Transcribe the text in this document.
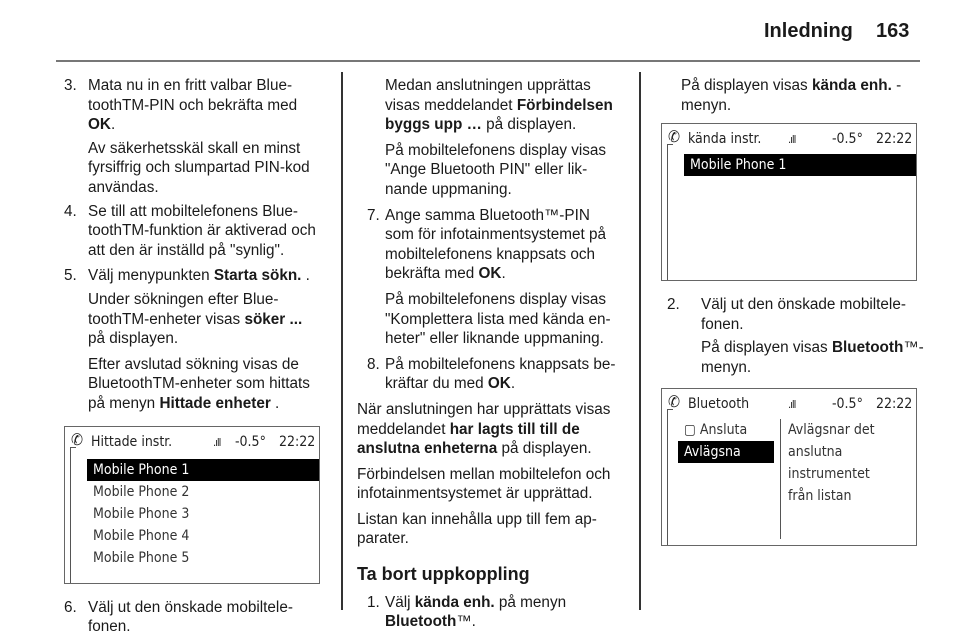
Inledning 163
3. Mata nu in en fritt valbar Blue-
toothTM-PIN och bekräfta med
OK.

Av säkerhetsskäl skall en minst
fyrsiffrig och slumpartad PIN-kod
användas.

4. Se till att mobiltelefonens Blue-
toothTM-funktion är aktiverad och
att den är inställd på "synlig".
5. Välj menypunkten Starta sökn. .

Under sökningen efter Blue-
toothTM-enheter visas söker ...
på displayen.

Efter avslutad sökning visas de
BluetoothTM-enheter som hittats
på menyn Hittade enheter .

✆ Hittade instr.	.ıll -0.5° 22:22
Mobile Phone 1
Mobile Phone 2
Mobile Phone 3
Mobile Phone 4
Mobile Phone 5
6. Välj ut den önskade mobiltele-
fonen.

Medan anslutningen upprättas
visas meddelandet Förbindelsen
byggs upp … på displayen.

På mobiltelefonens display visas
"Ange Bluetooth PIN" eller lik-
nande uppmaning.

7. Ange samma Bluetooth™-PIN
som för infotainmentsystemet på
mobiltelefonens knappsats och
bekräfta med OK.

På mobiltelefonens display visas
"Komplettera lista med kända en-
heter" eller liknande uppmaning.

8. På mobiltelefonens knappsats be-
kräftar du med OK.

När anslutningen har upprättats visas
meddelandet har lagts till till de
anslutna enheterna på displayen.

Förbindelsen mellan mobiltelefon och
infotainmentsystemet är upprättad.

Listan kan innehålla upp till fem ap-
parater.

Ta bort uppkoppling
1. Välj kända enh. på menyn
Bluetooth™.

På displayen visas kända enh. -
menyn.

✆ kända instr. .ıll	-0.5° 22:22
Mobile Phone 1
2. Välj ut den önskade mobiltele-
fonen.

På displayen visas Bluetooth™-
menyn.

✆ Bluetooth	.ıll	-0.5° 22:22
▢ Ansluta
Avlägsna
Avlägsnar det
anslutna
instrumentet
från listan
